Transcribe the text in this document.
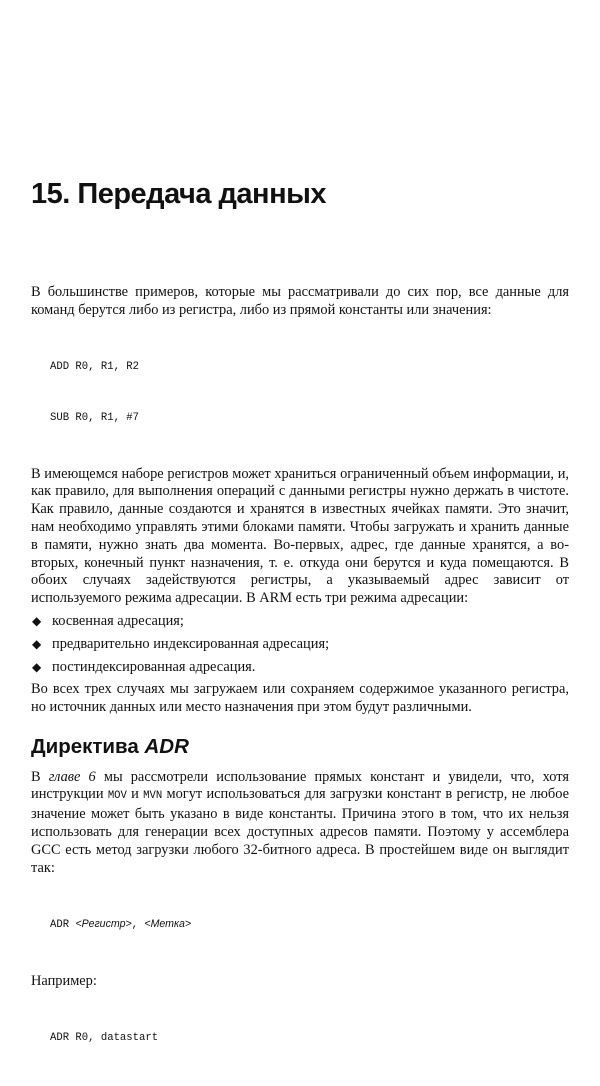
15. Передача данных

В большинстве примеров, которые мы рассматривали до сих пор, все данные для команд берутся либо из регистра, либо из прямой константы или значения:

ADD R0, R1, R2

SUB R0, R1, #7

В имеющемся наборе регистров может храниться ограниченный объем информации, и, как правило, для выполнения операций с данными регистры нужно держать в чистоте. Как правило, данные создаются и хранятся в известных ячейках памяти. Это значит, нам необходимо управлять этими блоками памяти. Чтобы загружать и хранить данные в памяти, нужно знать два момента. Во-первых, адрес, где данные хранятся, а во-вторых, конечный пункт назначения, т. е. откуда они берутся и куда помещаются. В обоих случаях задействуются регистры, а указываемый адрес зависит от используемого режима адресации. В ARM есть три режима адресации:

◆ косвенная адресация;
◆ предварительно индексированная адресация;
◆ постиндексированная адресация.

Во всех трех случаях мы загружаем или сохраняем содержимое указанного регистра, но источник данных или место назначения при этом будут различными.

Директива ADR

В главе 6 мы рассмотрели использование прямых констант и увидели, что, хотя инструкции MOV и MVN могут использоваться для загрузки констант в регистр, не любое значение может быть указано в виде константы. Причина этого в том, что их нельзя использовать для генерации всех доступных адресов памяти. Поэтому у ассемблера GCC есть метод загрузки любого 32-битного адреса. В простейшем виде он выглядит так:

ADR <Регистр>, <Метка>

Например:

ADR R0, datastart
